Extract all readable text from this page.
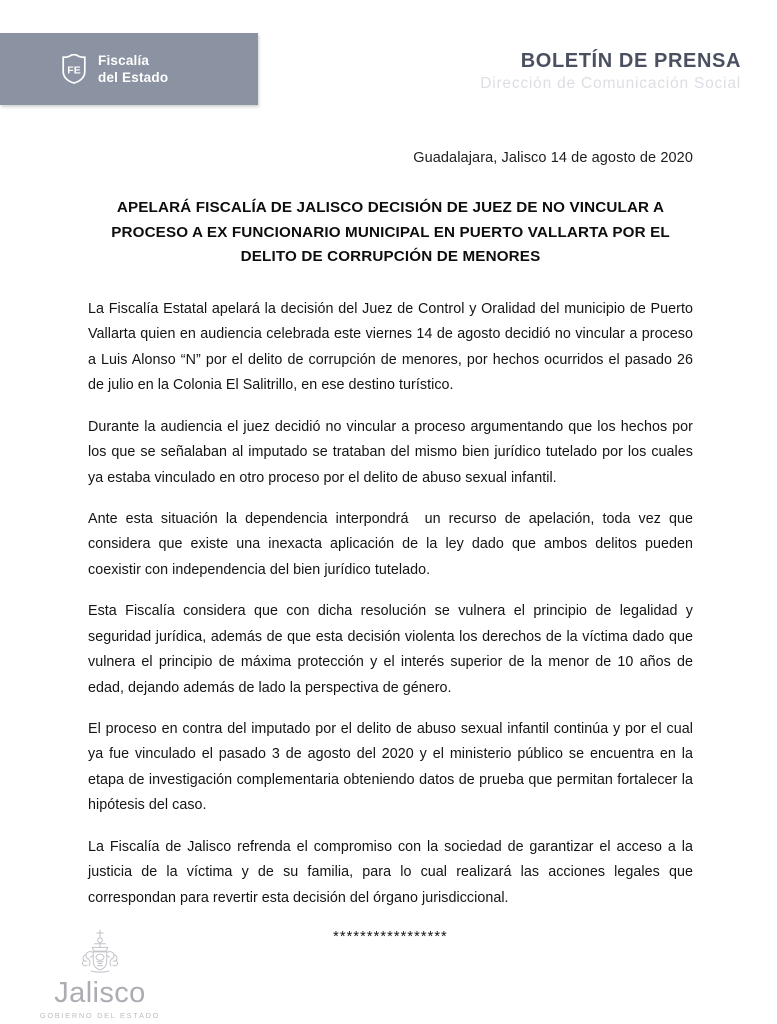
FE
Fiscalía
del Estado
BOLETÍN DE PRENSA
Dirección de Comunicación Social
Guadalajara, Jalisco 14 de agosto de 2020
APELARÁ FISCALÍA DE JALISCO DECISIÓN DE JUEZ DE NO VINCULAR A PROCESO A EX FUNCIONARIO MUNICIPAL EN PUERTO VALLARTA POR EL DELITO DE CORRUPCIÓN DE MENORES

La Fiscalía Estatal apelará la decisión del Juez de Control y Oralidad del municipio de Puerto Vallarta quien en audiencia celebrada este viernes 14 de agosto decidió no vincular a proceso a Luis Alonso “N” por el delito de corrupción de menores, por hechos ocurridos el pasado 26 de julio en la Colonia El Salitrillo, en ese destino turístico.

Durante la audiencia el juez decidió no vincular a proceso argumentando que los hechos por los que se señalaban al imputado se trataban del mismo bien jurídico tutelado por los cuales ya estaba vinculado en otro proceso por el delito de abuso sexual infantil.

Ante esta situación la dependencia interpondrá  un recurso de apelación, toda vez que considera que existe una inexacta aplicación de la ley dado que ambos delitos pueden coexistir con independencia del bien jurídico tutelado.

Esta Fiscalía considera que con dicha resolución se vulnera el principio de legalidad y seguridad jurídica, además de que esta decisión violenta los derechos de la víctima dado que vulnera el principio de máxima protección y el interés superior de la menor de 10 años de edad, dejando además de lado la perspectiva de género.

El proceso en contra del imputado por el delito de abuso sexual infantil continúa y por el cual ya fue vinculado el pasado 3 de agosto del 2020 y el ministerio público se encuentra en la etapa de investigación complementaria obteniendo datos de prueba que permitan fortalecer la hipótesis del caso.

La Fiscalía de Jalisco refrenda el compromiso con la sociedad de garantizar el acceso a la justicia de la víctima y de su familia, para lo cual realizará las acciones legales que correspondan para revertir esta decisión del órgano jurisdiccional.

*****************
Jalisco
GOBIERNO DEL ESTADO
